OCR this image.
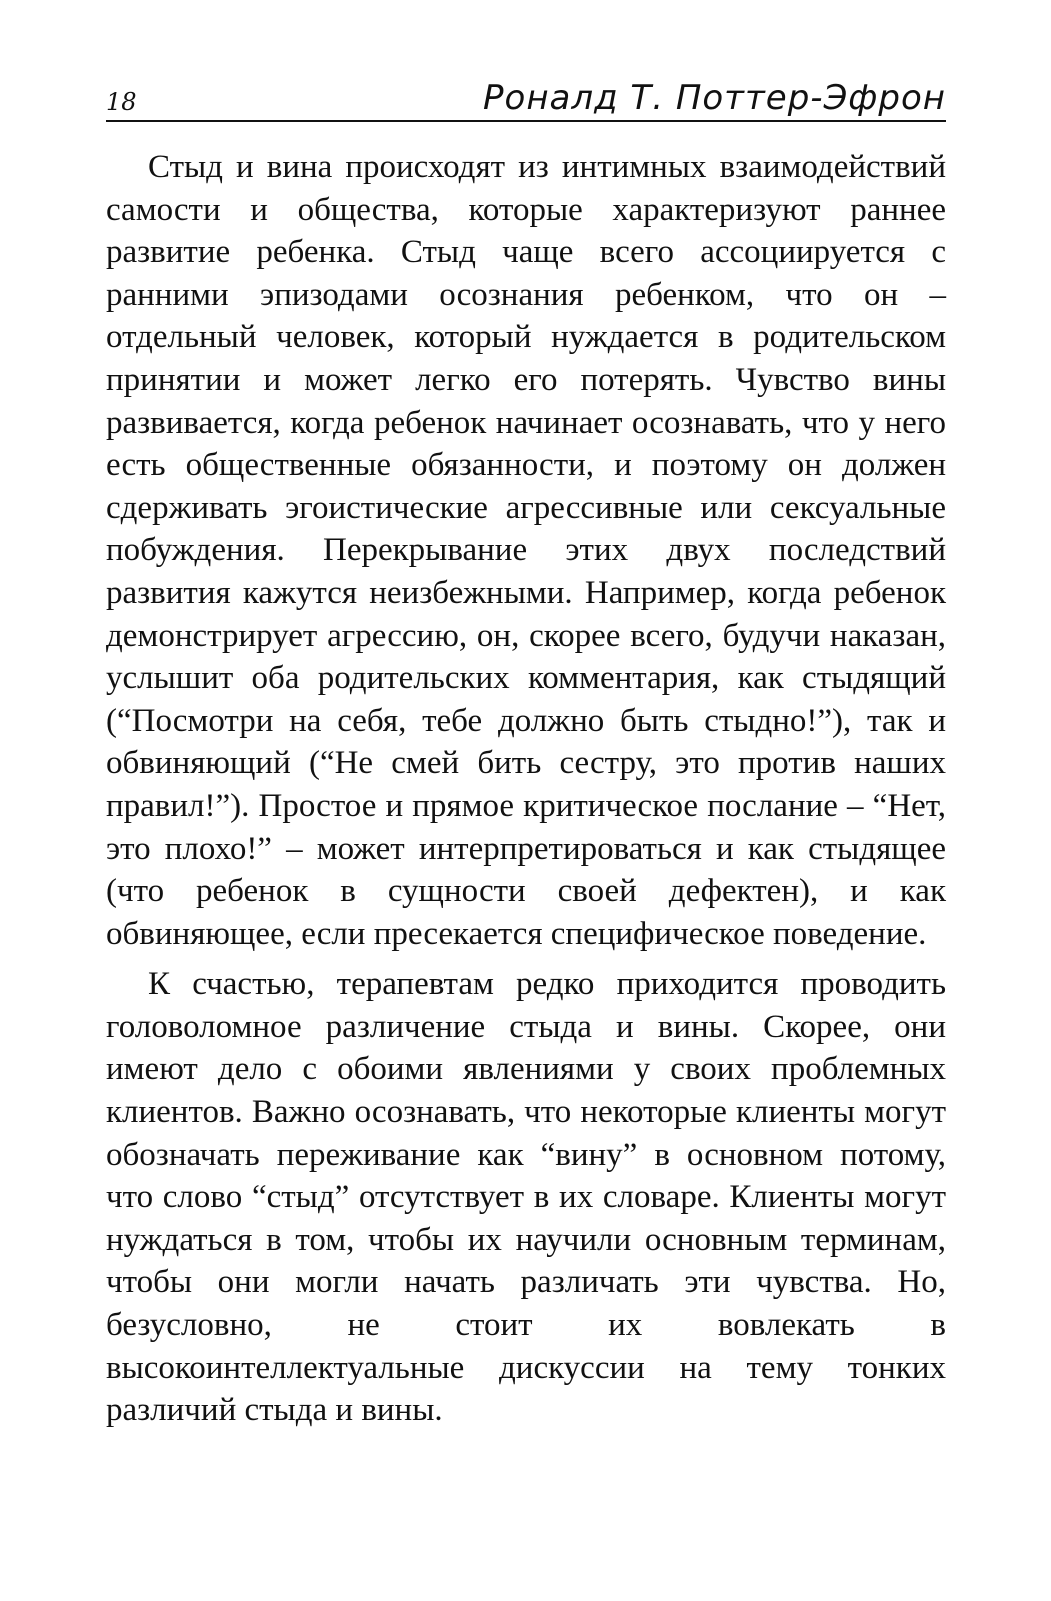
18	Роналд Т. Поттер-Эфрон

Стыд и вина происходят из интимных взаимодействий самости и общества, которые характеризуют раннее развитие ребенка. Стыд чаще всего ассоциируется с ранними эпизодами осознания ребенком, что он – отдельный человек, который нуждается в родительском принятии и может легко его потерять. Чувство вины развивается, когда ребенок начинает осознавать, что у него есть общественные обязанности, и поэтому он должен сдерживать эгоистические агрессивные или сексуальные побуждения. Перекрывание этих двух последствий развития кажутся неизбежными. Например, когда ребенок демонстрирует агрессию, он, скорее всего, будучи наказан, услышит оба родительских комментария, как стыдящий (“Посмотри на себя, тебе должно быть стыдно!”), так и обвиняющий (“Не смей бить сестру, это против наших правил!”). Простое и прямое критическое послание – “Нет, это плохо!” – может интерпретироваться и как стыдящее (что ребенок в сущности своей дефектен), и как обвиняющее, если пресекается специфическое поведение.

К счастью, терапевтам редко приходится проводить головоломное различение стыда и вины. Скорее, они имеют дело с обоими явлениями у своих проблемных клиентов. Важно осознавать, что некоторые клиенты могут обозначать переживание как “вину” в основном потому, что слово “стыд” отсутствует в их словаре. Клиенты могут нуждаться в том, чтобы их научили основным терминам, чтобы они могли начать различать эти чувства. Но, безусловно, не стоит их вовлекать в высокоинтеллектуальные дискуссии на тему тонких различий стыда и вины.
